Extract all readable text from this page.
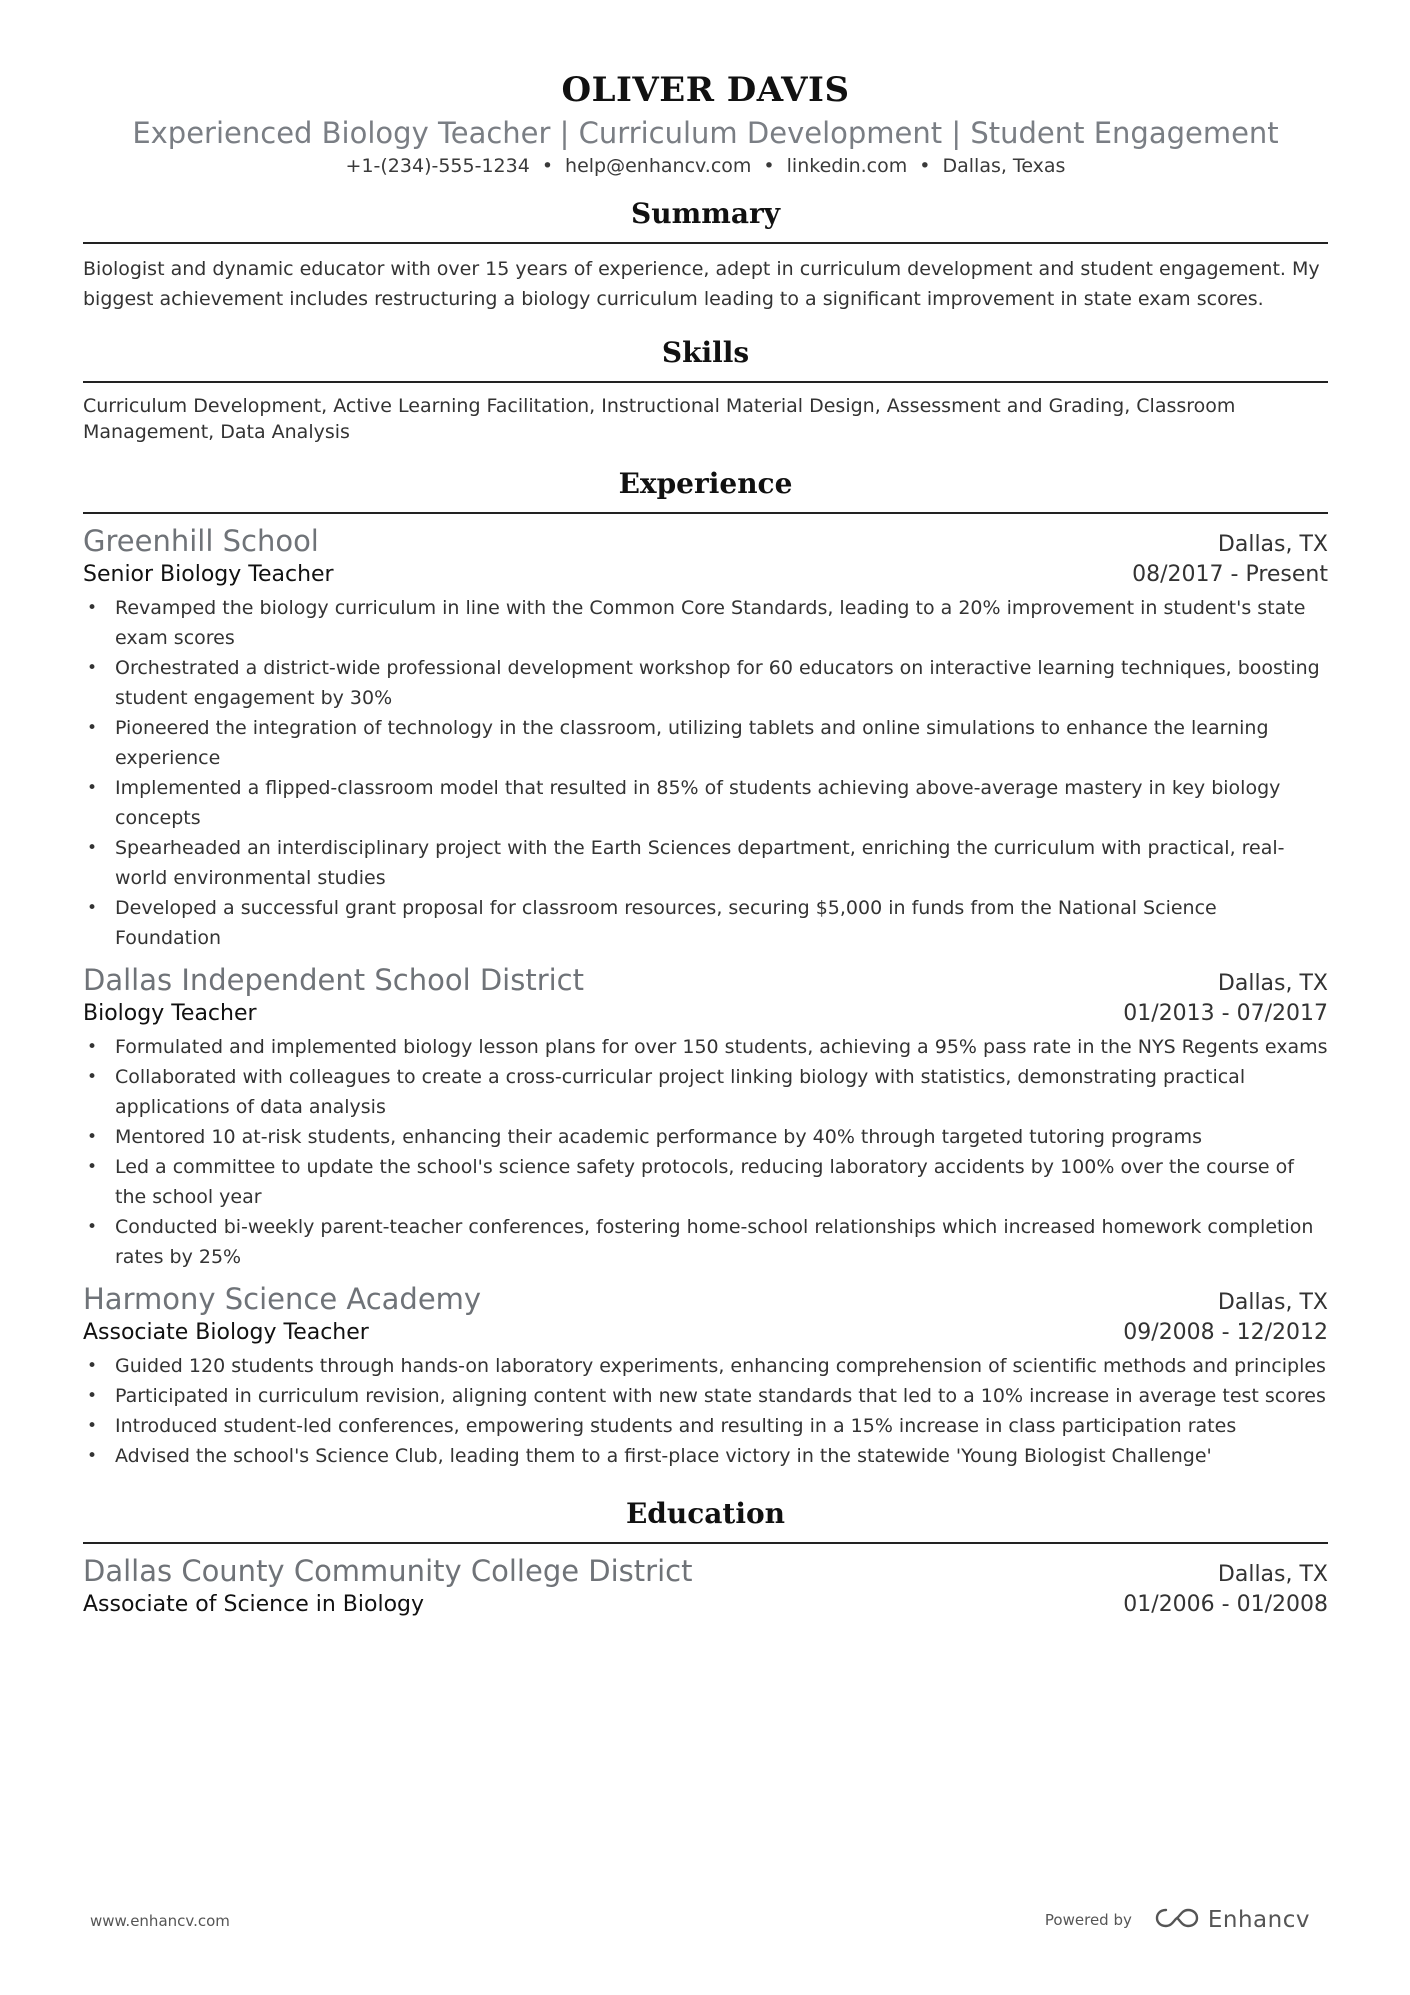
OLIVER DAVIS
Experienced Biology Teacher | Curriculum Development | Student Engagement
+1-(234)-555-1234 • help@enhancv.com • linkedin.com • Dallas, Texas
Summary

Biologist and dynamic educator with over 15 years of experience, adept in curriculum development and student engagement. My biggest achievement includes restructuring a biology curriculum leading to a significant improvement in state exam scores.

Skills

Curriculum Development, Active Learning Facilitation, Instructional Material Design, Assessment and Grading, Classroom Management, Data Analysis

Experience
Greenhill School	Dallas, TX
Senior Biology Teacher	08/2017 - Present
• Revamped the biology curriculum in line with the Common Core Standards, leading to a 20% improvement in student's state exam scores
• Orchestrated a district-wide professional development workshop for 60 educators on interactive learning techniques, boosting student engagement by 30%
• Pioneered the integration of technology in the classroom, utilizing tablets and online simulations to enhance the learning experience
• Implemented a flipped-classroom model that resulted in 85% of students achieving above-average mastery in key biology concepts
• Spearheaded an interdisciplinary project with the Earth Sciences department, enriching the curriculum with practical, real-world environmental studies
• Developed a successful grant proposal for classroom resources, securing $5,000 in funds from the National Science Foundation
Dallas Independent School District	Dallas, TX
Biology Teacher	01/2013 - 07/2017
• Formulated and implemented biology lesson plans for over 150 students, achieving a 95% pass rate in the NYS Regents exams
• Collaborated with colleagues to create a cross-curricular project linking biology with statistics, demonstrating practical applications of data analysis
• Mentored 10 at-risk students, enhancing their academic performance by 40% through targeted tutoring programs
• Led a committee to update the school's science safety protocols, reducing laboratory accidents by 100% over the course of the school year
• Conducted bi-weekly parent-teacher conferences, fostering home-school relationships which increased homework completion rates by 25%
Harmony Science Academy	Dallas, TX
Associate Biology Teacher	09/2008 - 12/2012
• Guided 120 students through hands-on laboratory experiments, enhancing comprehension of scientific methods and principles
• Participated in curriculum revision, aligning content with new state standards that led to a 10% increase in average test scores
• Introduced student-led conferences, empowering students and resulting in a 15% increase in class participation rates
• Advised the school's Science Club, leading them to a first-place victory in the statewide 'Young Biologist Challenge'
Education
Dallas County Community College District	Dallas, TX
Associate of Science in Biology	01/2006 - 01/2008
www.enhancv.com	Powered by	Enhancv
